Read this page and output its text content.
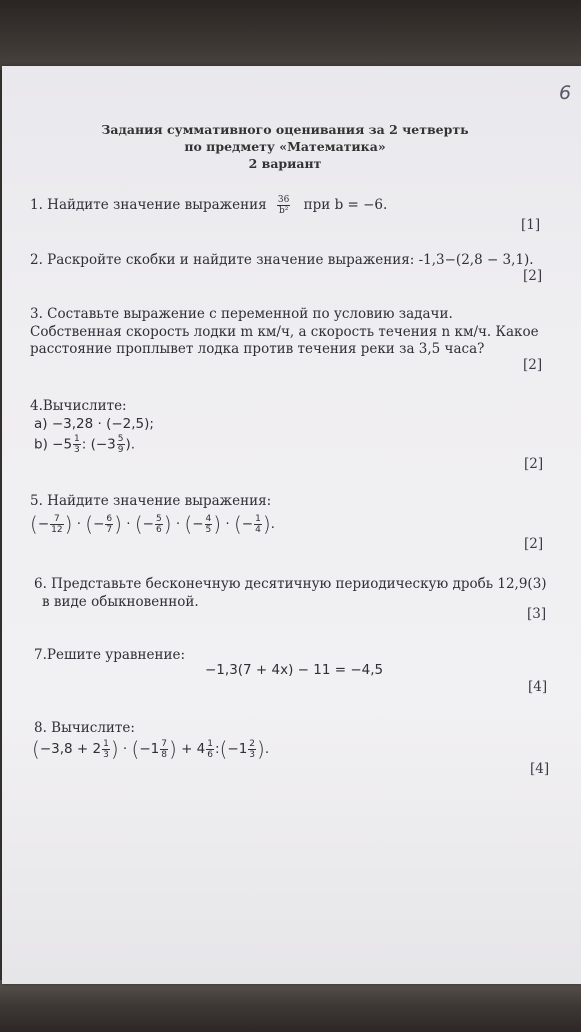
6
Задания суммативного оценивания за 2 четверть
по предмету «Математика»
2 вариант
1. Найдите значение выражения $\frac{36}{\text{b²}}$ при b = −6.
[1]
2. Раскройте скобки и найдите значение выражения: -1,3−(2,8 − 3,1).
[2]
3. Составьте выражение с переменной по условию задачи.
Собственная скорость лодки m км/ч, а скорость течения n км/ч. Какое
расстояние проплывет лодка против течения реки за 3,5 часа?
[2]
4.Вычислите:
a) −3,28 · (−2,5);
$b) -5 \frac{1}{3}$ : ($-3 \frac{5}{9}$ ).
[2]
5. Найдите значение выражения:
(− $\frac{7}{12}$ ) · (− $\frac{6}{7}$ ) · (− $\frac{5}{6}$ ) · (− $\frac{4}{5}$ ) · (− $\frac{1}{4}$ ).
[2]
6. Представьте бесконечную десятичную периодическую дробь 12,9(3)
в виде обыкновенной.
[3]
7.Решите уравнение:
−1,3(7 + 4x) − 11 = −4,5
[4]
8. Вычислите:
($-3,8 + 2 \frac{1}{3}$ ) · ($-1 \frac{7}{8}$ ) + $4 \frac{1}{6}$ :(−1 $\frac{2}{3}$ ).
[4]
